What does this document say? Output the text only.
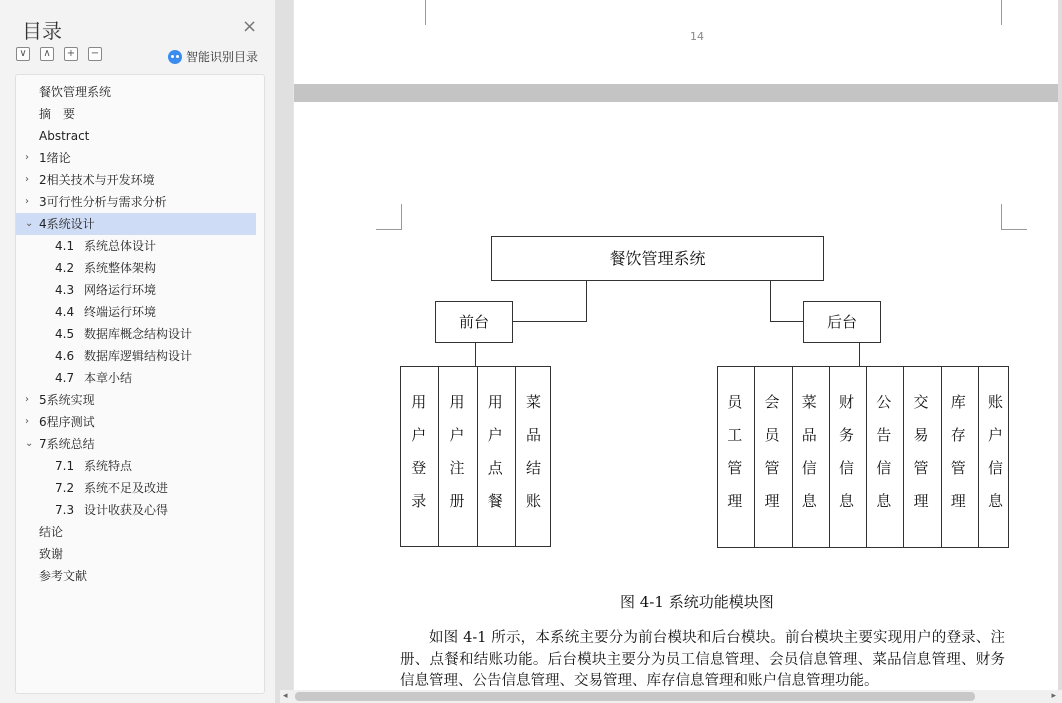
目录	×
∨	∧	+ −	智能识别目录
餐饮管理系统
摘　要
Abstract
› 1绪论
› 2相关技术与开发环境
› 3可行性分析与需求分析
⌄ 4系统设计
4.1 系统总体设计
4.2 系统整体架构
4.3 网络运行环境
4.4 终端运行环境
4.5 数据库概念结构设计
4.6 数据库逻辑结构设计
4.7 本章小结
› 5系统实现
› 6程序测试
⌄ 7系统总结
7.1 系统特点
7.2 系统不足及改进
7.3 设计收获及心得
结论
致谢
参考文献
14
餐饮管理系统
前台	后台
用户登录	用户注册	用户点餐	菜品结账	员工管理	会员管理	菜品信息	财务信息	公告信息	交易管理	库存管理	账户信息
图 4-1 系统功能模块图
如图 4-1 所示，本系统主要分为前台模块和后台模块。前台模块主要实现用户的登录、注册、点餐和结账功能。后台模块主要分为员工信息管理、会员信息管理、菜品信息管理、财务信息管理、公告信息管理、交易管理、库存信息管理和账户信息管理功能。
◂	▸
